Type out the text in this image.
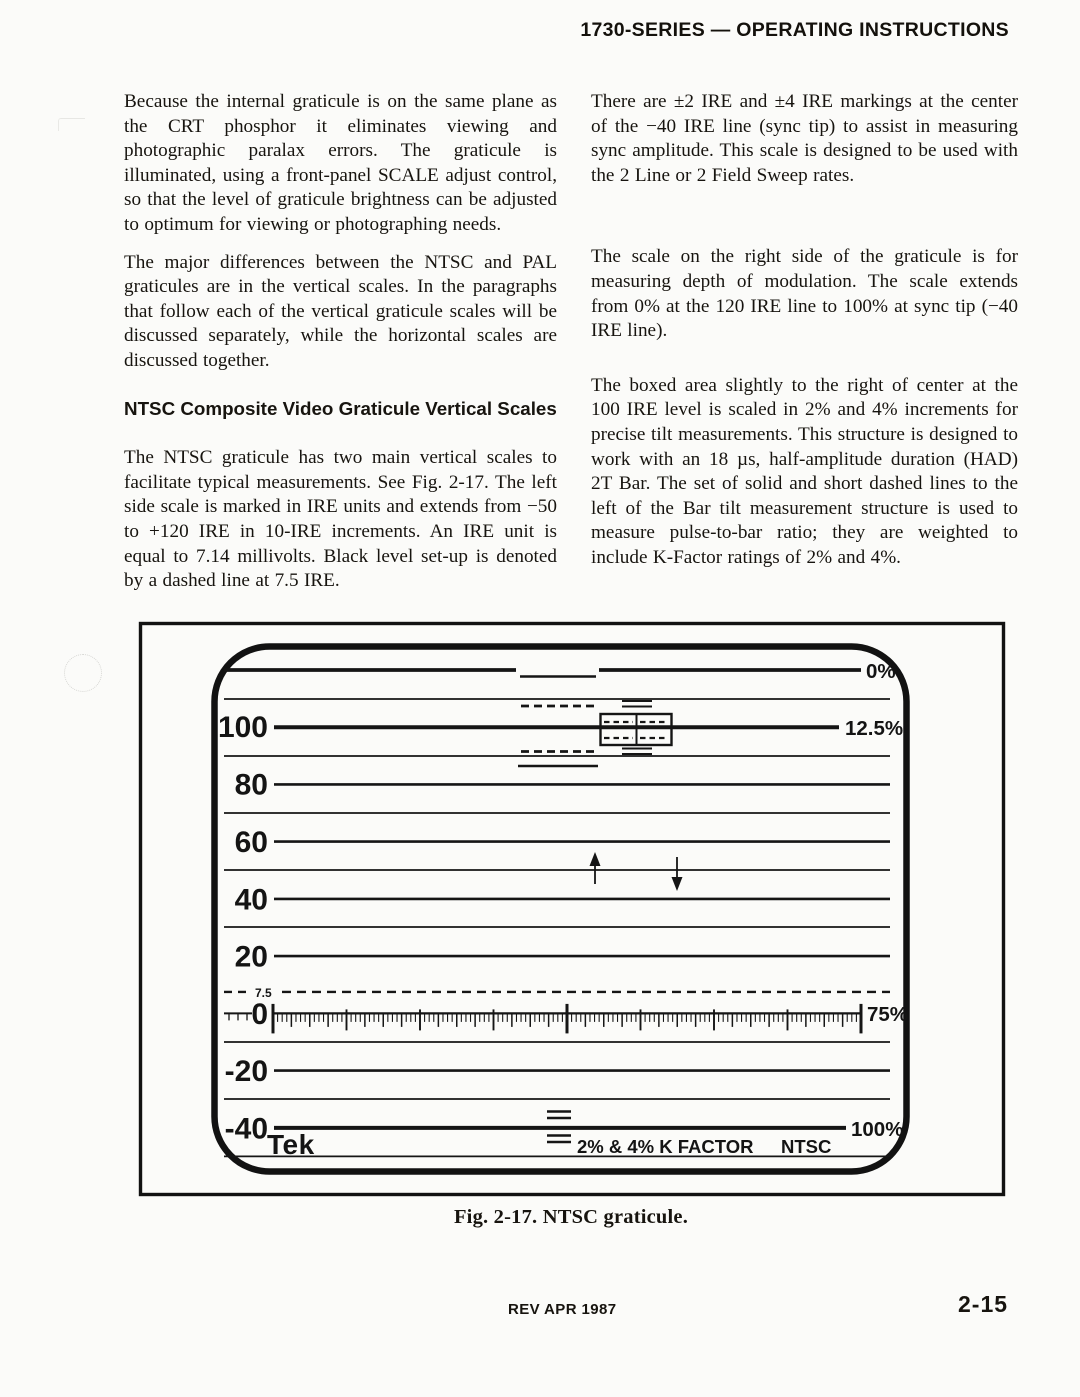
1730-SERIES — OPERATING INSTRUCTIONS

Because the internal graticule is on the same plane as the CRT phosphor it eliminates viewing and photographic paralax errors. The graticule is illuminated, using a front-panel SCALE adjust control, so that the level of graticule brightness can be adjusted to optimum for viewing or photographing needs.

The major differences between the NTSC and PAL graticules are in the vertical scales. In the paragraphs that follow each of the vertical graticule scales will be discussed separately, while the horizontal scales are discussed together.

NTSC Composite Video Graticule Vertical Scales

The NTSC graticule has two main vertical scales to facilitate typical measurements. See Fig. 2-17. The left side scale is marked in IRE units and extends from −50 to +120 IRE in 10-IRE increments. An IRE unit is equal to 7.14 millivolts. Black level set-up is denoted by a dashed line at 7.5 IRE.

There are ±2 IRE and ±4 IRE markings at the center of the −40 IRE line (sync tip) to assist in measuring sync amplitude. This scale is designed to be used with the 2 Line or 2 Field Sweep rates.

The scale on the right side of the graticule is for measuring depth of modulation. The scale extends from 0% at the 120 IRE line to 100% at sync tip (−40 IRE line).

The boxed area slightly to the right of center at the 100 IRE level is scaled in 2% and 4% increments for precise tilt measurements. This structure is designed to work with an 18 µs, half-amplitude duration (HAD) 2T Bar. The set of solid and short dashed lines to the left of the Bar tilt measurement structure is used to measure pulse-to-bar ratio; they are weighted to include K-Factor ratings of 2% and 4%.

100
80
60
40
20
0
-20
-40
7.5
0%
12.5%
75%
100%
Tek	2% & 4% K FACTOR NTSC
Fig. 2-17. NTSC graticule.
REV APR 1987	2-15
